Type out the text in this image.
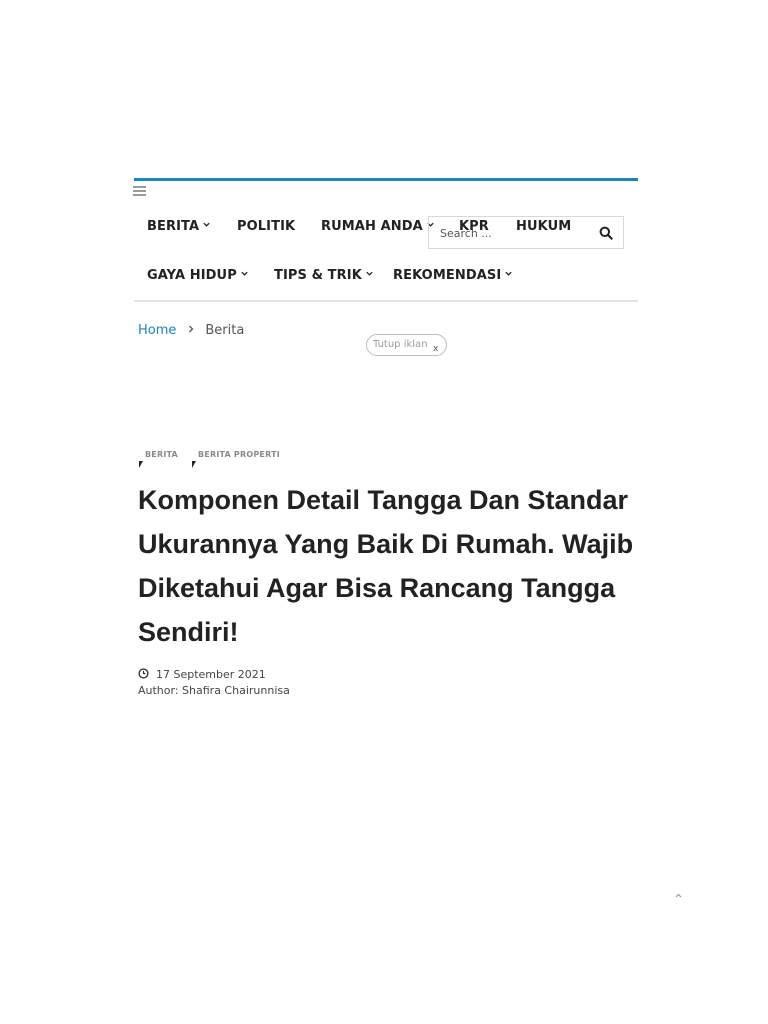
BERITA	POLITIK RUMAH ANDA
Search ...	KPR HUKUM
GAYA HIDUP	TIPS & TRIK	REKOMENDASI
Home Berita
Tutup iklan x
BERITA	BERITA PROPERTI
Komponen Detail Tangga Dan Standar Ukurannya Yang Baik Di Rumah. Wajib Diketahui Agar Bisa Rancang Tangga Sendiri!
17 September 2021
Author: Shafira Chairunnisa
